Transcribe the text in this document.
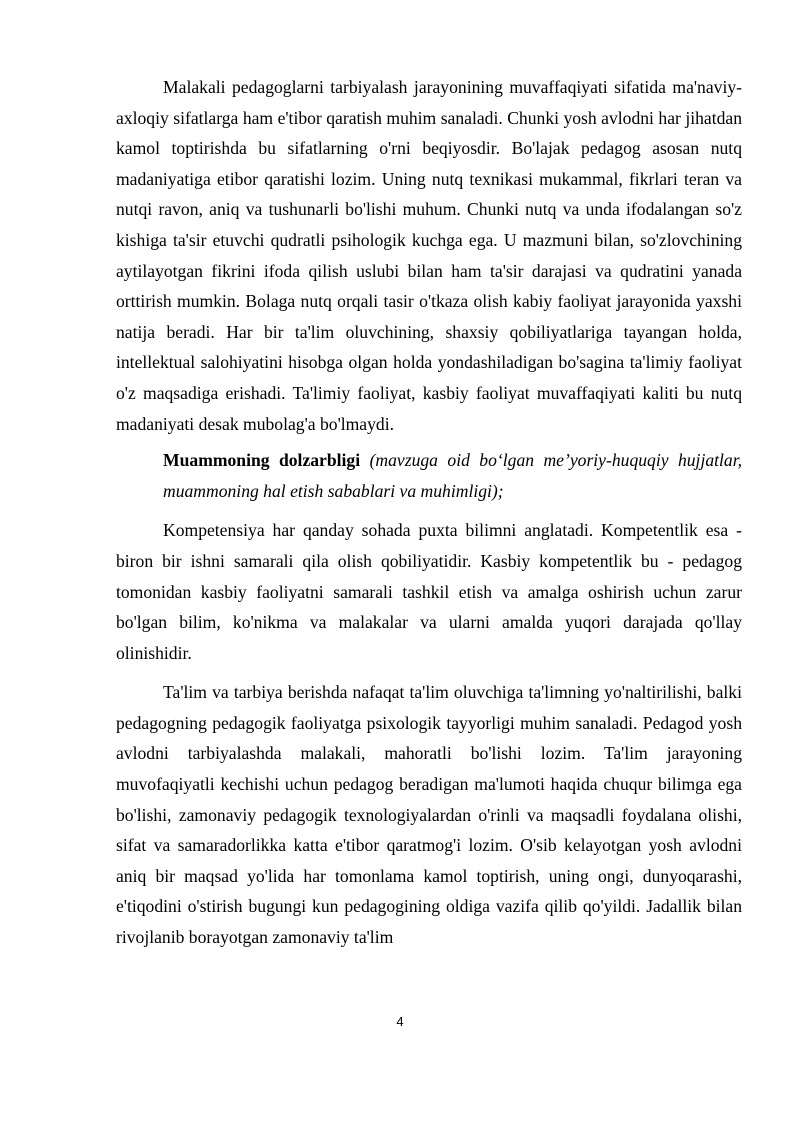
Malakali pedagoglarni tarbiyalash jarayonining muvaffaqiyati sifatida ma'naviy-axloqiy sifatlarga ham e'tibor qaratish muhim sanaladi. Chunki yosh avlodni har jihatdan kamol toptirishda bu sifatlarning o'rni beqiyosdir. Bo'lajak pedagog asosan nutq madaniyatiga etibor qaratishi lozim. Uning nutq texnikasi mukammal, fikrlari teran va nutqi ravon, aniq va tushunarli bo'lishi muhum. Chunki nutq va unda ifodalangan so'z kishiga ta'sir etuvchi qudratli psihologik kuchga ega. U mazmuni bilan, so'zlovchining aytilayotgan fikrini ifoda qilish uslubi bilan ham ta'sir darajasi va qudratini yanada orttirish mumkin. Bolaga nutq orqali tasir o'tkaza olish kabiy faoliyat jarayonida yaxshi natija beradi. Har bir ta'lim oluvchining, shaxsiy qobiliyatlariga tayangan holda, intellektual salohiyatini hisobga olgan holda yondashiladigan bo'sagina ta'limiy faoliyat o'z maqsadiga erishadi. Ta'limiy faoliyat, kasbiy faoliyat muvaffaqiyati kaliti bu nutq madaniyati desak mubolag'a bo'lmaydi.

Muammoning dolzarbligi (mavzuga oid bo‘lgan me’yoriy-huquqiy hujjatlar, muammoning hal etish sabablari va muhimligi);

Kompetensiya har qanday sohada puxta bilimni anglatadi. Kompetentlik esa -biron bir ishni samarali qila olish qobiliyatidir. Kasbiy kompetentlik bu - pedagog tomonidan kasbiy faoliyatni samarali tashkil etish va amalga oshirish uchun zarur bo'lgan bilim, ko'nikma va malakalar va ularni amalda yuqori darajada qo'llay olinishidir.

Ta'lim va tarbiya berishda nafaqat ta'lim oluvchiga ta'limning yo'naltirilishi, balki pedagogning pedagogik faoliyatga psixologik tayyorligi muhim sanaladi. Pedagod yosh avlodni tarbiyalashda malakali, mahoratli bo'lishi lozim. Ta'lim jarayoning muvofaqiyatli kechishi uchun pedagog beradigan ma'lumoti haqida chuqur bilimga ega bo'lishi, zamonaviy pedagogik texnologiyalardan o'rinli va maqsadli foydalana olishi, sifat va samaradorlikka katta e'tibor qaratmog'i lozim. O'sib kelayotgan yosh avlodni aniq bir maqsad yo'lida har tomonlama kamol toptirish, uning ongi, dunyoqarashi, e'tiqodini o'stirish bugungi kun pedagogining oldiga vazifa qilib qo'yildi. Jadallik bilan rivojlanib borayotgan zamonaviy ta'lim

4
